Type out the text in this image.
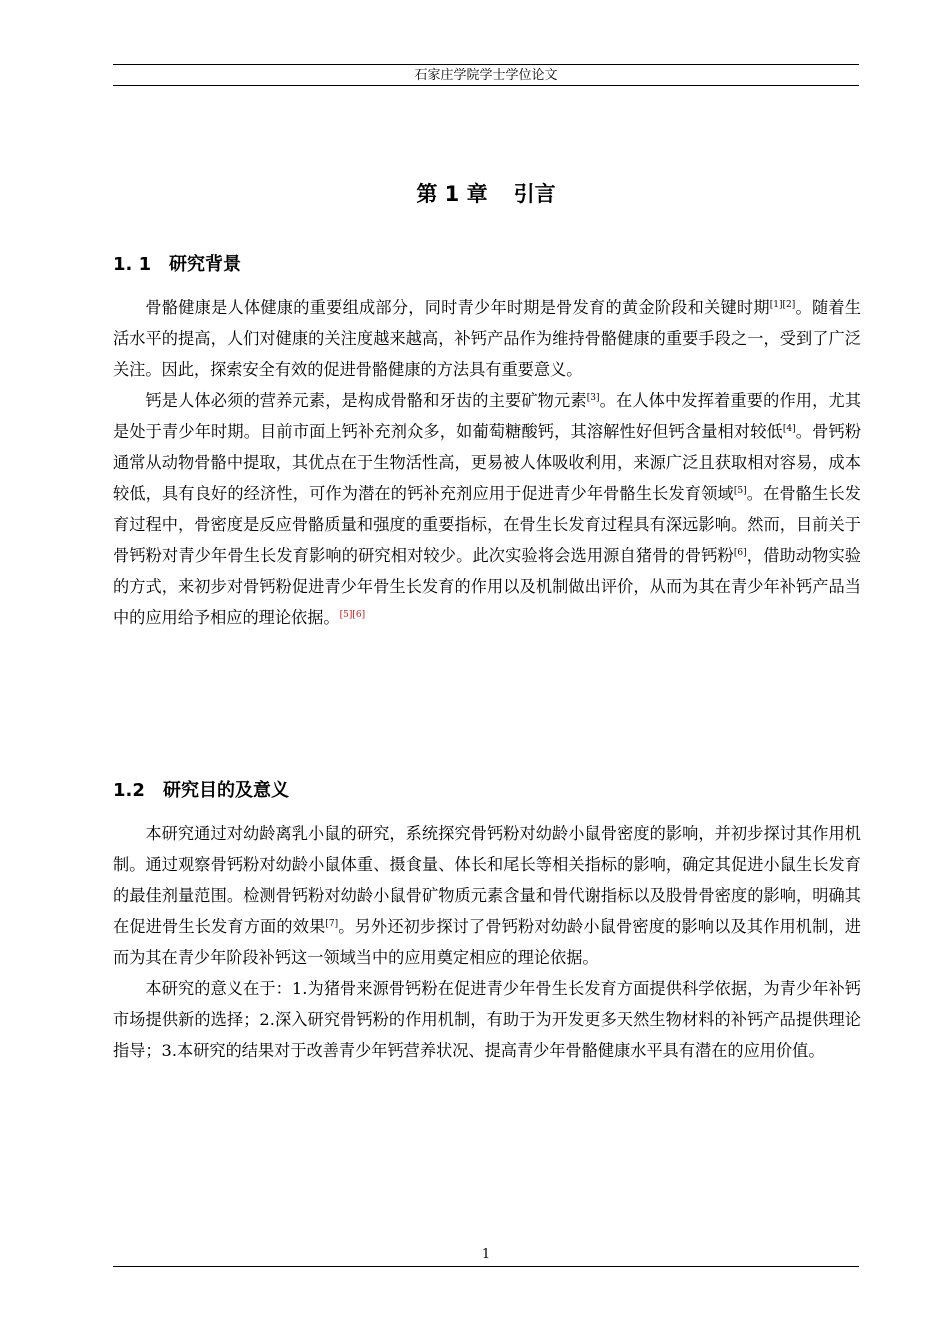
石家庄学院学士学位论文
第 1 章 引言
1. 1 研究背景

骨骼健康是人体健康的重要组成部分，同时青少年时期是骨发育的黄金阶段和关键时期[1][2]。随着生活水平的提高，人们对健康的关注度越来越高，补钙产品作为维持骨骼健康的重要手段之一，受到了广泛关注。因此，探索安全有效的促进骨骼健康的方法具有重要意义。

钙是人体必须的营养元素，是构成骨骼和牙齿的主要矿物元素[3]。在人体中发挥着重要的作用，尤其是处于青少年时期。目前市面上钙补充剂众多，如葡萄糖酸钙，其溶解性好但钙含量相对较低[4]。骨钙粉通常从动物骨骼中提取，其优点在于生物活性高，更易被人体吸收利用，来源广泛且获取相对容易，成本较低，具有良好的经济性，可作为潜在的钙补充剂应用于促进青少年骨骼生长发育领域[5]。在骨骼生长发育过程中，骨密度是反应骨骼质量和强度的重要指标，在骨生长发育过程具有深远影响。然而，目前关于骨钙粉对青少年骨生长发育影响的研究相对较少。此次实验将会选用源自猪骨的骨钙粉[6]，借助动物实验的方式，来初步对骨钙粉促进青少年骨生长发育的作用以及机制做出评价，从而为其在青少年补钙产品当中的应用给予相应的理论依据。[5][6]

1.2 研究目的及意义

本研究通过对幼龄离乳小鼠的研究，系统探究骨钙粉对幼龄小鼠骨密度的影响，并初步探讨其作用机制。通过观察骨钙粉对幼龄小鼠体重、摄食量、体长和尾长等相关指标的影响，确定其促进小鼠生长发育的最佳剂量范围。检测骨钙粉对幼龄小鼠骨矿物质元素含量和骨代谢指标以及股骨骨密度的影响，明确其在促进骨生长发育方面的效果[7]。另外还初步探讨了骨钙粉对幼龄小鼠骨密度的影响以及其作用机制，进而为其在青少年阶段补钙这一领域当中的应用奠定相应的理论依据。

本研究的意义在于：1.为猪骨来源骨钙粉在促进青少年骨生长发育方面提供科学依据，为青少年补钙市场提供新的选择；2.深入研究骨钙粉的作用机制，有助于为开发更多天然生物材料的补钙产品提供理论指导；3.本研究的结果对于改善青少年钙营养状况、提高青少年骨骼健康水平具有潜在的应用价值。

1
